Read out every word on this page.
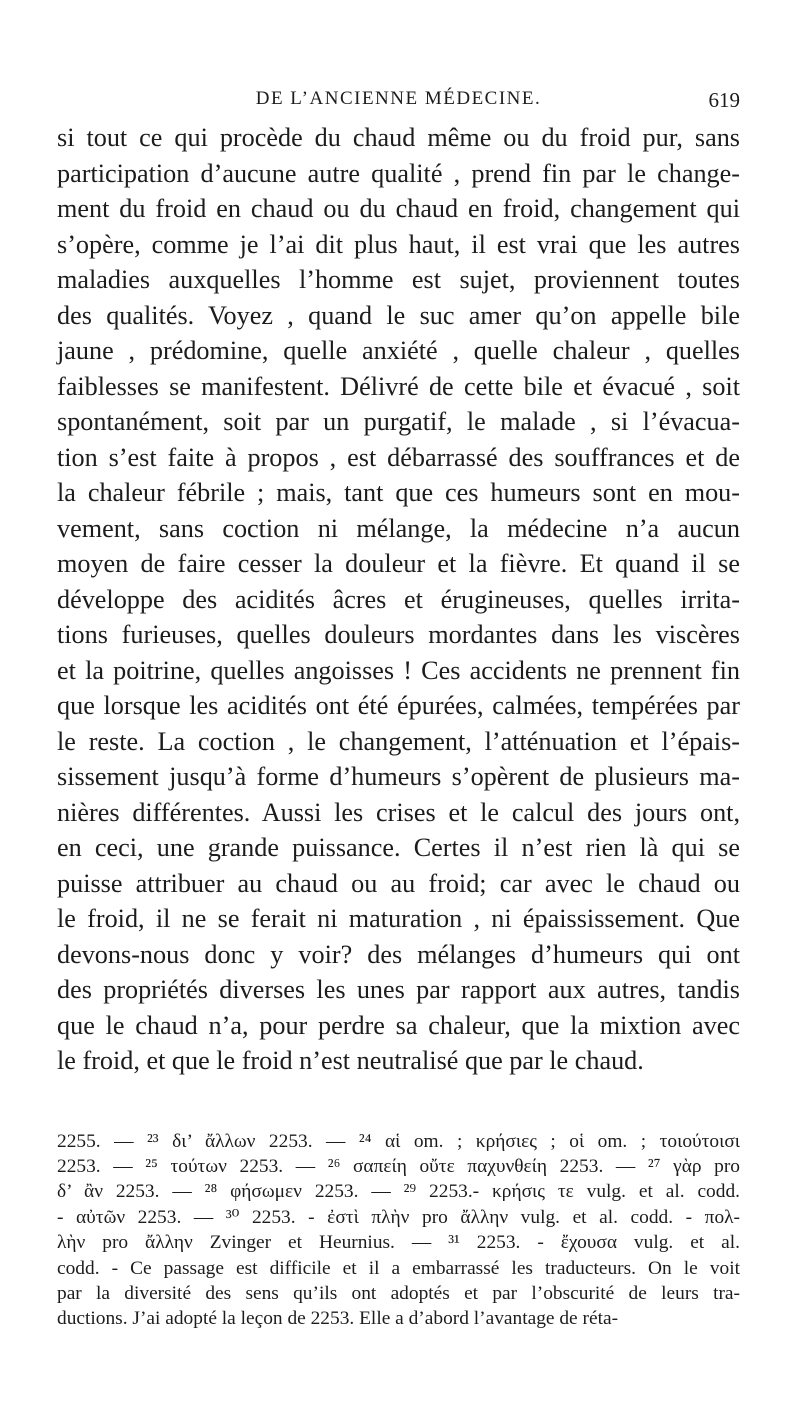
DE L’ANCIENNE MÉDECINE.	619
si tout ce qui procède du chaud même ou du froid pur, sans
participation d’aucune autre qualité , prend fin par le change-
ment du froid en chaud ou du chaud en froid, changement qui
s’opère, comme je l’ai dit plus haut, il est vrai que les autres
maladies auxquelles l’homme est sujet, proviennent toutes
des qualités. Voyez , quand le suc amer qu’on appelle bile
jaune , prédomine, quelle anxiété , quelle chaleur , quelles
faiblesses se manifestent. Délivré de cette bile et évacué , soit
spontanément, soit par un purgatif, le malade , si l’évacua-
tion s’est faite à propos , est débarrassé des souffrances et de
la chaleur fébrile ; mais, tant que ces humeurs sont en mou-
vement, sans coction ni mélange, la médecine n’a aucun
moyen de faire cesser la douleur et la fièvre. Et quand il se
développe des acidités âcres et érugineuses, quelles irrita-
tions furieuses, quelles douleurs mordantes dans les viscères
et la poitrine, quelles angoisses ! Ces accidents ne prennent fin
que lorsque les acidités ont été épurées, calmées, tempérées par
le reste. La coction , le changement, l’atténuation et l’épais-
sissement jusqu’à forme d’humeurs s’opèrent de plusieurs ma-
nières différentes. Aussi les crises et le calcul des jours ont,
en ceci, une grande puissance. Certes il n’est rien là qui se
puisse attribuer au chaud ou au froid; car avec le chaud ou
le froid, il ne se ferait ni maturation , ni épaississement. Que
devons-nous donc y voir? des mélanges d’humeurs qui ont
des propriétés diverses les unes par rapport aux autres, tandis
que le chaud n’a, pour perdre sa chaleur, que la mixtion avec
le froid, et que le froid n’est neutralisé que par le chaud.
2255. — ²³ δι’ ἄλλων 2253. — ²⁴ αἱ om. ; κρήσιες ; οἱ om. ; τοιούτοισι
2253. — ²⁵ τούτων 2253. — ²⁶ σαπείη οὔτε παχυνθείη 2253. — ²⁷ γὰρ pro
δ’ ἂν 2253. — ²⁸ φήσωμεν 2253. — ²⁹ 2253.- κρήσις τε vulg. et al. codd.
- αὐτῶν 2253. — ³⁰ 2253. - ἐστὶ πλὴν pro ἄλλην vulg. et al. codd. - πολ-
λὴν pro ἄλλην Zvinger et Heurnius. — ³¹ 2253. - ἔχουσα vulg. et al.
codd. - Ce passage est difficile et il a embarrassé les traducteurs. On le voit
par la diversité des sens qu’ils ont adoptés et par l’obscurité de leurs tra-
ductions. J’ai adopté la leçon de 2253. Elle a d’abord l’avantage de réta-
